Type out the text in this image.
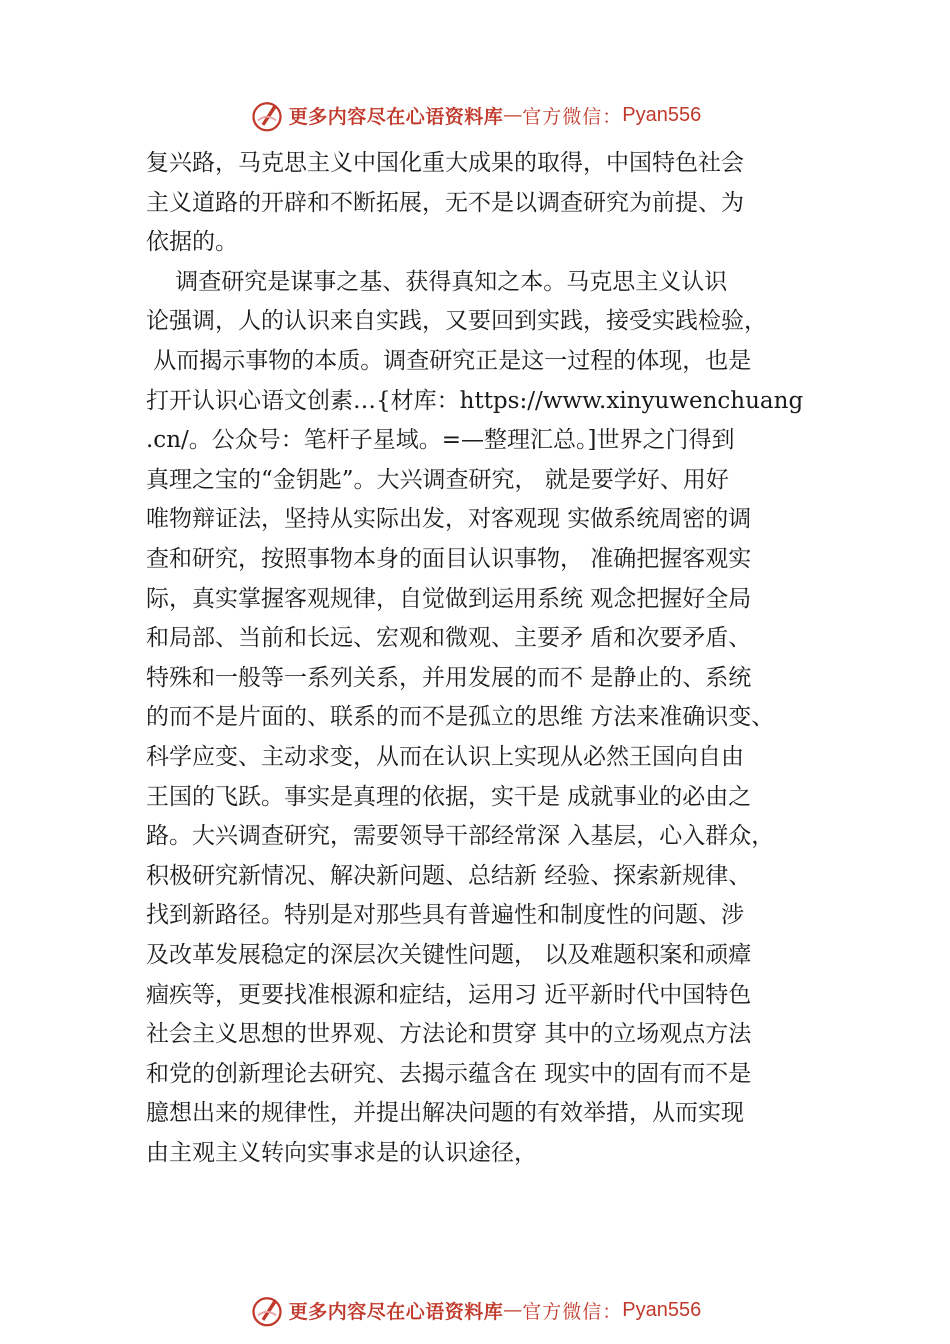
更多内容尽在心语资料库 — 官方微信： Pyan556
复兴路，马克思主义中国化重大成果的取得，中国特色社会
主义道路的开辟和不断拓展，无不是以调查研究为前提、为
依据的。
调查研究是谋事之基、获得真知之本。马克思主义认识
论强调，人的认识来自实践，又要回到实践，接受实践检验，
从而揭示事物的本质。调查研究正是这一过程的体现，也是
打开认识心语文创素…{材库：https://www.xinyuwenchuang
.cn/。公众号：笔杆子星域。=—整理汇总。]世界之门得到
真理之宝的“金钥匙”。大兴调查研究， 就是要学好、用好
唯物辩证法，坚持从实际出发，对客观现 实做系统周密的调
查和研究，按照事物本身的面目认识事物， 准确把握客观实
际，真实掌握客观规律，自觉做到运用系统 观念把握好全局
和局部、当前和长远、宏观和微观、主要矛 盾和次要矛盾、
特殊和一般等一系列关系，并用发展的而不 是静止的、系统
的而不是片面的、联系的而不是孤立的思维 方法来准确识变、
科学应变、主动求变，从而在认识上实现从必然王国向自由
王国的飞跃。事实是真理的依据，实干是 成就事业的必由之
路。大兴调查研究，需要领导干部经常深 入基层，心入群众，
积极研究新情况、解决新问题、总结新 经验、探索新规律、
找到新路径。特别是对那些具有普遍性和制度性的问题、涉
及改革发展稳定的深层次关键性问题， 以及难题积案和顽瘴
痼疾等，更要找准根源和症结，运用习 近平新时代中国特色
社会主义思想的世界观、方法论和贯穿 其中的立场观点方法
和党的创新理论去研究、去揭示蕴含在 现实中的固有而不是
臆想出来的规律性，并提出解决问题的有效举措，从而实现
由主观主义转向实事求是的认识途径，
更多内容尽在心语资料库 — 官方微信： Pyan556
